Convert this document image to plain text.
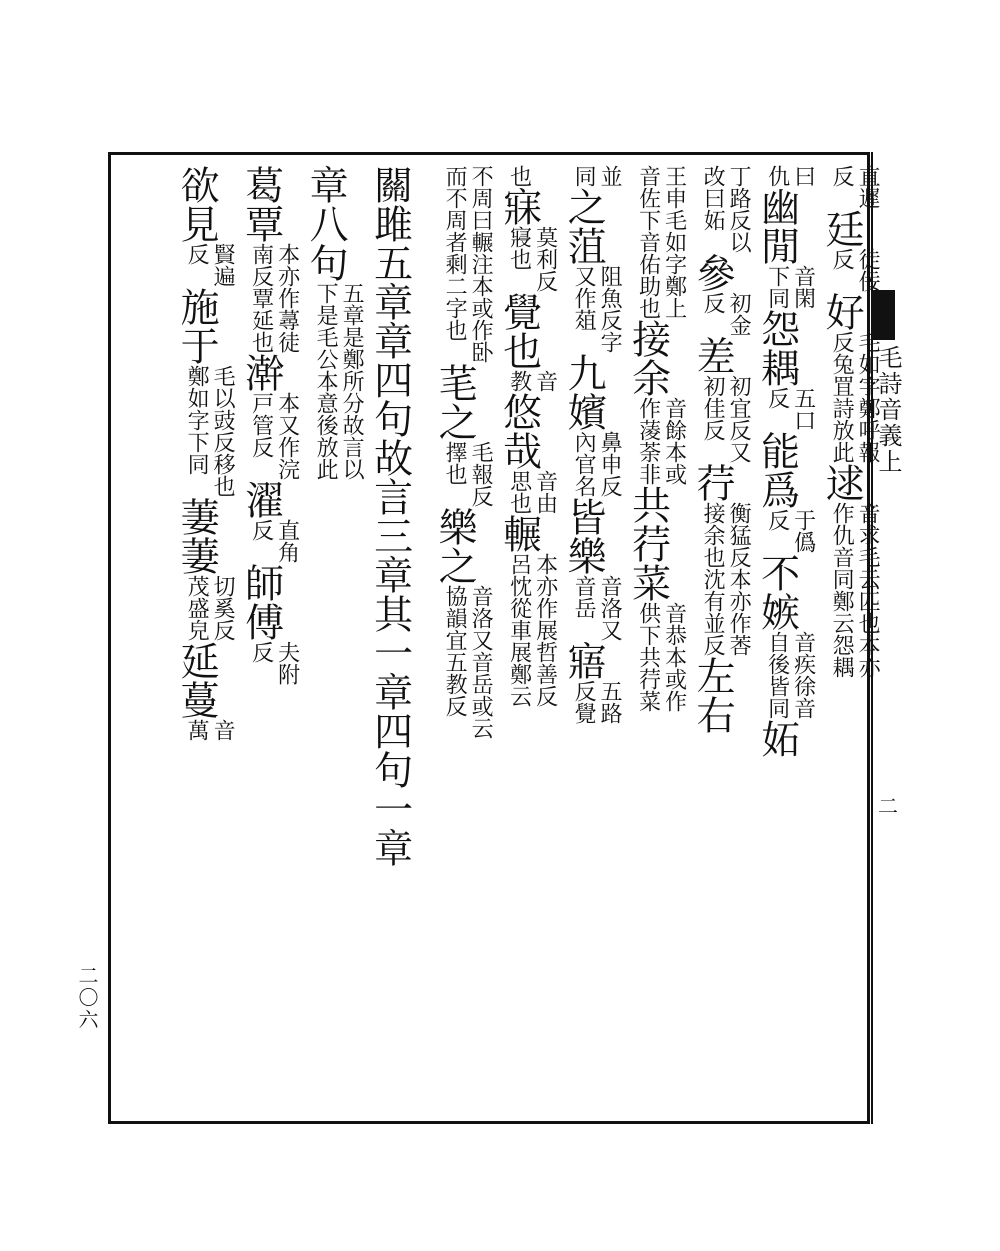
毛詩音義上
二
二〇六
直遲
反
廷
徒佞
反
好
毛如字鄭呼報
反兔罝詩放此
逑
音求毛云匹也本亦
作仇音同鄭云怨耦
曰
仇
幽閒
音閑
下同
怨耦
五口
反
能爲
于僞
反
不嫉
音疾
自後
徐音
皆同
妬
丁路反以
改曰妬
參
初金
反
差
初宜反又
初佳反
荇
衡猛反本亦作莕
接余也沈有並反
左右
王申毛如字鄭上
音佐下音佑助也
接余
音餘本或
作蓤荼非
共荇菜
音恭本或作
供下共荇菜
並
同
之菹
阻魚反字
又作葅
九嬪
鼻申反
內官名
皆樂
音洛又
音岳
寤
五路
反覺
也
寐
莫利反
寢也
覺也
音
教
悠哉
音由
思也
輾
本亦作展哲善反
呂忱從車展鄭云
不周曰輾
而不周者
注本或作卧
剩二字也
芼之
毛報反
擇也
樂之
音洛又音岳或云
協韻宜五教反
關雎五章章四句故言三章其一章四句一章
章八句
五章是鄭所分故言以
下是毛公本意後放此
葛覃
本亦作蕁徒
南反覃延也
澣
本又作浣
戸管反
濯
直角
反
師傅
夫附
反
欲見
賢遍
反
施于
毛以豉反移也
鄭如字下同
萋萋
切奚反
茂盛皃
延蔓
音
萬
